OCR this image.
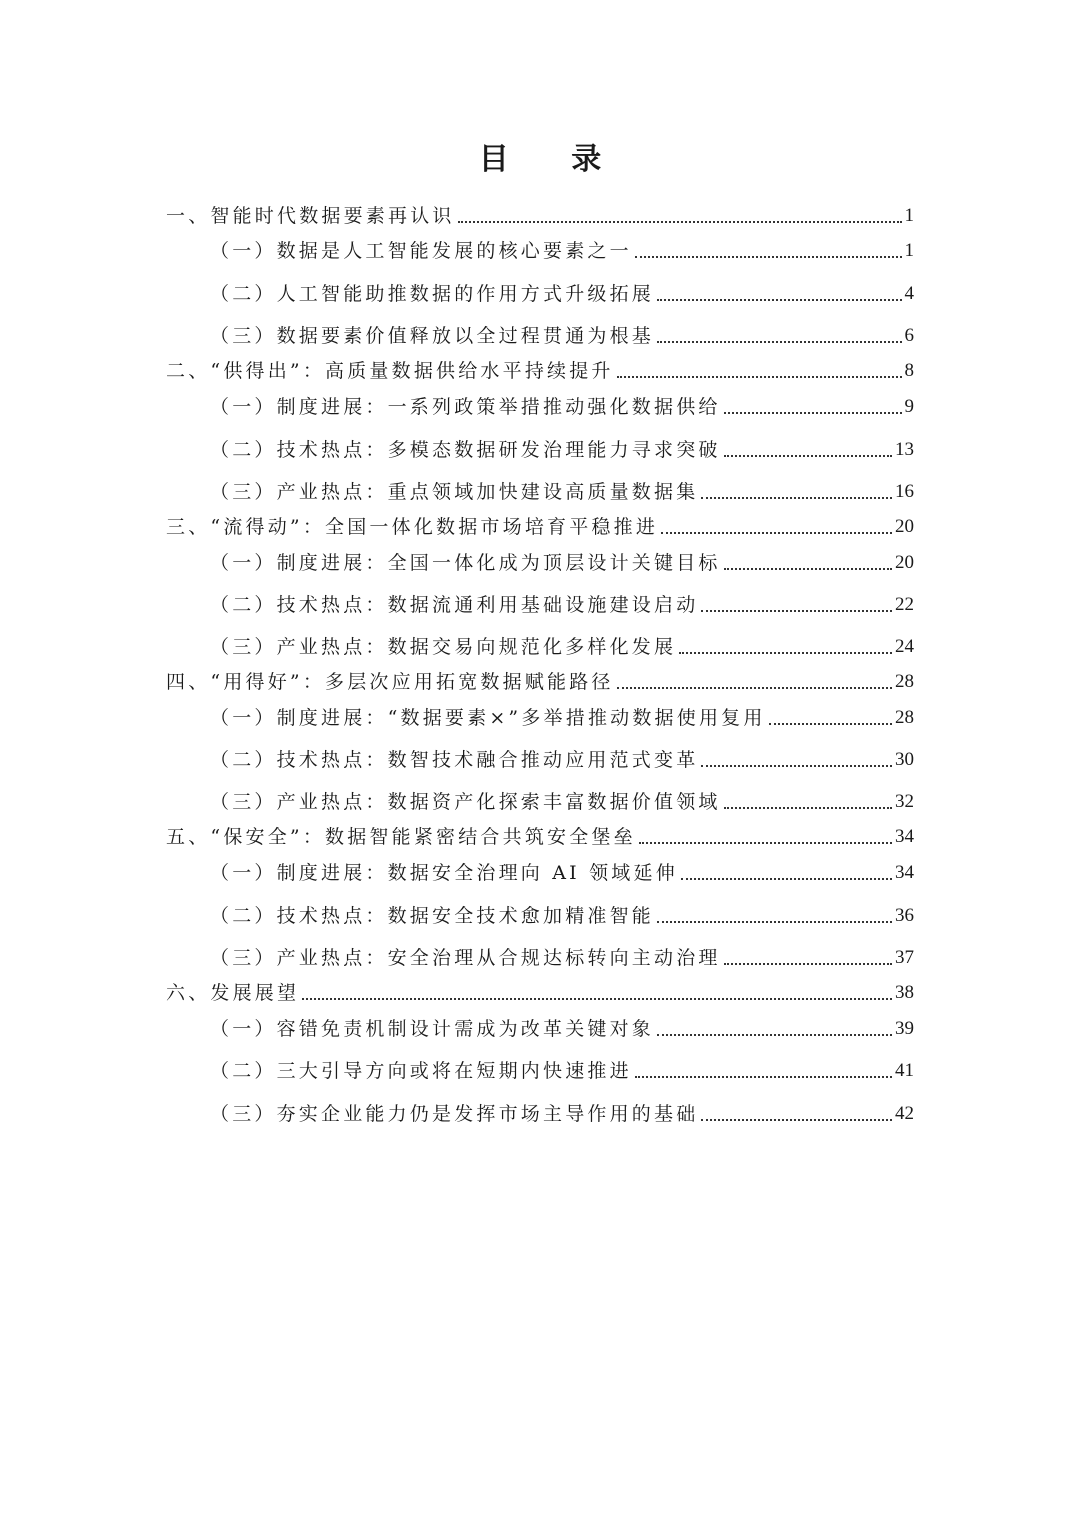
目 录
一、智能时代数据要素再认识	1
（一）数据是人工智能发展的核心要素之一	1
（二）人工智能助推数据的作用方式升级拓展	4
（三）数据要素价值释放以全过程贯通为根基	6
二、“供得出”：高质量数据供给水平持续提升	8
（一）制度进展：一系列政策举措推动强化数据供给	9
（二）技术热点：多模态数据研发治理能力寻求突破	13
（三）产业热点：重点领域加快建设高质量数据集	16
三、“流得动”：全国一体化数据市场培育平稳推进	20
（一）制度进展：全国一体化成为顶层设计关键目标	20
（二）技术热点：数据流通利用基础设施建设启动	22
（三）产业热点：数据交易向规范化多样化发展	24
四、“用得好”：多层次应用拓宽数据赋能路径	28
（一）制度进展：“数据要素×”多举措推动数据使用复用	28
（二）技术热点：数智技术融合推动应用范式变革	30
（三）产业热点：数据资产化探索丰富数据价值领域	32
五、“保安全”：数据智能紧密结合共筑安全堡垒	34
（一）制度进展：数据安全治理向 AI 领域延伸	34
（二）技术热点：数据安全技术愈加精准智能	36
（三）产业热点：安全治理从合规达标转向主动治理	37
六、发展展望	38
（一）容错免责机制设计需成为改革关键对象	39
（二）三大引导方向或将在短期内快速推进	41
（三）夯实企业能力仍是发挥市场主导作用的基础	42
